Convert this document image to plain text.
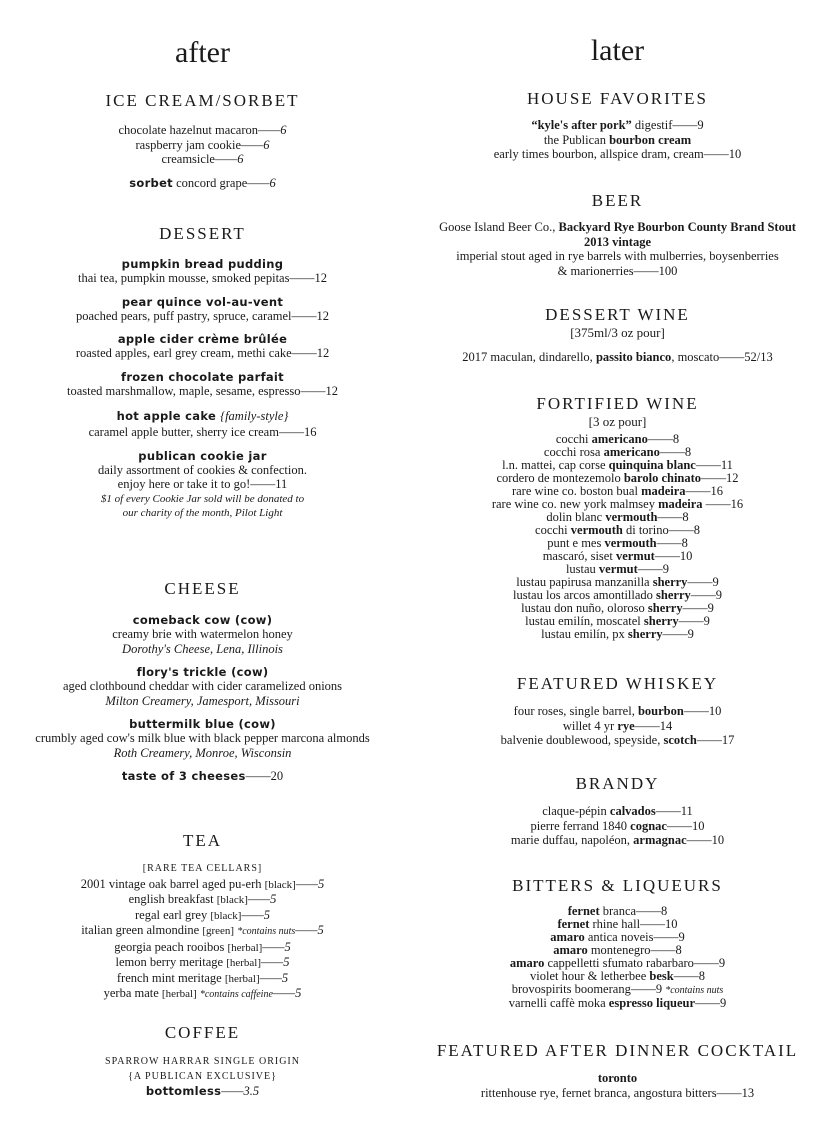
after
ICE CREAM/SORBET
chocolate hazelnut macaron —— 6
raspberry jam cookie —— 6
creamsicle —— 6
sorbet concord grape —— 6
DESSERT
pumpkin bread pudding
thai tea, pumpkin mousse, smoked pepitas —— 12
pear quince vol-au-vent
poached pears, puff pastry, spruce, caramel —— 12
apple cider crème brûlée
roasted apples, earl grey cream, methi cake —— 12
frozen chocolate parfait
toasted marshmallow, maple, sesame, espresso —— 12
hot apple cake {family-style}
caramel apple butter, sherry ice cream —— 16
publican cookie jar
daily assortment of cookies & confection.
enjoy here or take it to go! —— 11
$1 of every Cookie Jar sold will be donated to
our charity of the month, Pilot Light
CHEESE
comeback cow (cow)
creamy brie with watermelon honey
Dorothy's Cheese, Lena, Illinois
flory's trickle (cow)
aged clothbound cheddar with cider caramelized onions
Milton Creamery, Jamesport, Missouri
buttermilk blue (cow)
crumbly aged cow's milk blue with black pepper marcona almonds
Roth Creamery, Monroe, Wisconsin
taste of 3 cheeses —— 20
TEA
[RARE TEA CELLARS]
2001 vintage oak barrel aged pu-erh [black] —— 5
english breakfast [black] —— 5
regal earl grey [black] —— 5
italian green almondine [green] *contains nuts —— 5
georgia peach rooibos [herbal] —— 5
lemon berry meritage [herbal] —— 5
french mint meritage [herbal] —— 5
yerba mate [herbal] *contains caffeine —— 5
COFFEE
SPARROW HARRAR SINGLE ORIGIN
{A PUBLICAN EXCLUSIVE}
bottomless —— 3.5
later
HOUSE FAVORITES
“kyle's after pork” digestif —— 9
the Publican bourbon cream
early times bourbon, allspice dram, cream —— 10
BEER
Goose Island Beer Co., Backyard Rye Bourbon County Brand Stout
2013 vintage
imperial stout aged in rye barrels with mulberries, boysenberries
& marionerries —— 100
DESSERT WINE
[375ml/3 oz pour]
2017 maculan, dindarello, passito bianco, moscato —— 52/13
FORTIFIED WINE
[3 oz pour]
cocchi americano —— 8
cocchi rosa americano —— 8
l.n. mattei, cap corse quinquina blanc —— 11
cordero de montezemolo barolo chinato —— 12
rare wine co. boston bual madeira —— 16
rare wine co. new york malmsey madeira —— 16
dolin blanc vermouth —— 8
cocchi vermouth di torino —— 8
punt e mes vermouth —— 8
mascaró, siset vermut —— 10
lustau vermut —— 9
lustau papirusa manzanilla sherry —— 9
lustau los arcos amontillado sherry —— 9
lustau don nuño, oloroso sherry —— 9
lustau emilín, moscatel sherry —— 9
lustau emilín, px sherry —— 9
FEATURED WHISKEY
four roses, single barrel, bourbon —— 10
willet 4 yr rye —— 14
balvenie doublewood, speyside, scotch —— 17
BRANDY
claque-pépin calvados —— 11
pierre ferrand 1840 cognac —— 10
marie duffau, napoléon, armagnac —— 10
BITTERS & LIQUEURS
fernet branca —— 8
fernet rhine hall —— 10
amaro antica noveis —— 9
amaro montenegro —— 8
amaro cappelletti sfumato rabarbaro —— 9
violet hour & letherbee besk —— 8
brovospirits boomerang —— 9 *contains nuts
varnelli caffè moka espresso liqueur —— 9
FEATURED AFTER DINNER COCKTAIL
toronto
rittenhouse rye, fernet branca, angostura bitters —— 13
